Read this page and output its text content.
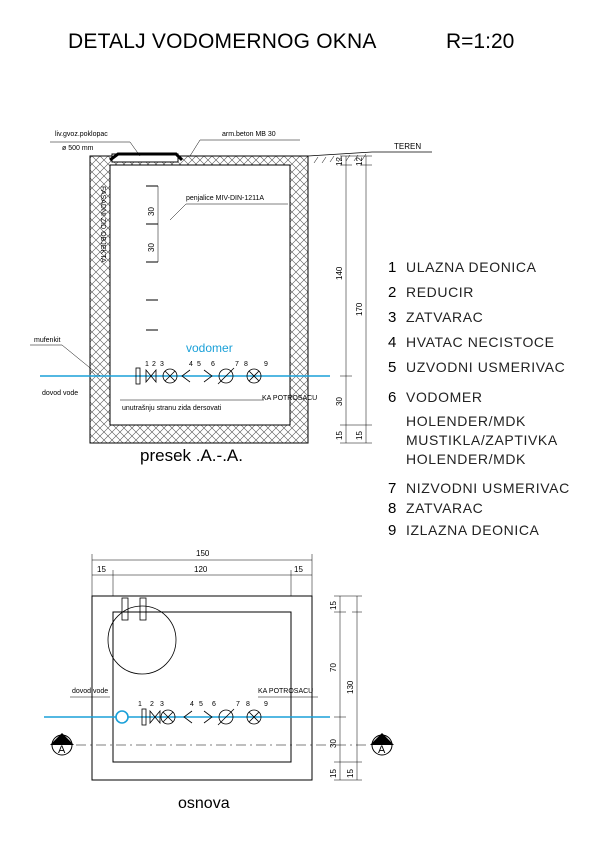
DETALJ VODOMERNOG OKNA	R=1:20
TEREN
liv.gvoz.poklopac
ø 500 mm
arm.beton MB 30
30
30
penjalice MIV-DIN-1211A
FASADNI ZID OBJEKTA
vodomer
1 2 3	4 5 6	7 8 9
mufenkit
dovod vode
unutrašnju stranu zida dersovati
KA POTROSACU
12 12
140
170
30
15 15
presek .A.-.A.
1 ULAZNA DEONICA
2 REDUCIR
3 ZATVARAC
4 HVATAC NECISTOCE
5 UZVODNI USMERIVAC
6 VODOMER
HOLENDER/MDK
MUSTIKLA/ZAPTIVKA
HOLENDER/MDK
7 NIZVODNI USMERIVAC
8 ZATVARAC
9 IZLAZNA DEONICA
150
15	120	15
1 2 3	4 5 6	7 8 9
dovod vode	KA POTROSACU
A	A
15
70
130
30
15 15
osnova
